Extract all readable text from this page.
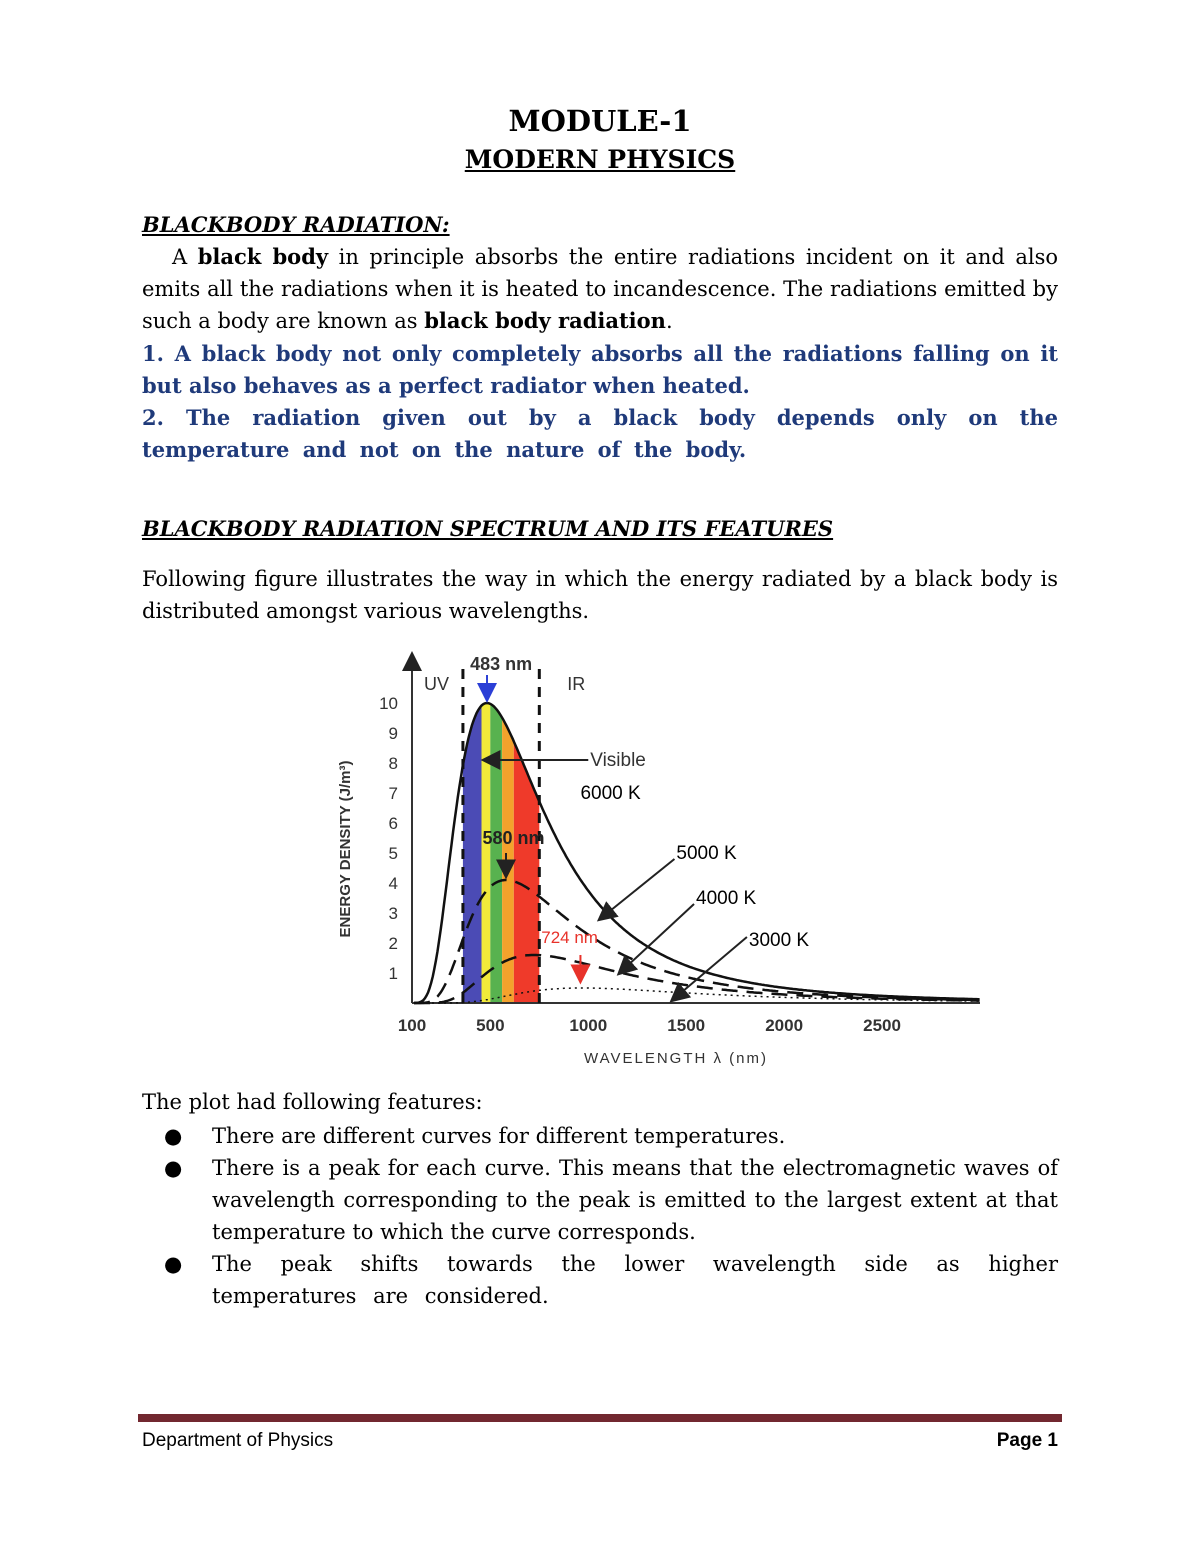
MODULE-1
MODERN PHYSICS
BLACKBODY RADIATION:
A black body in principle absorbs the entire radiations incident on it and also emits all the radiations when it is heated to incandescence. The radiations emitted by such a body are known as black body radiation.
1. A black body not only completely absorbs all the radiations falling on it but also behaves as a perfect radiator when heated.
2. The radiation given out by a black body depends only on the temperature and not on the nature of the body.
BLACKBODY RADIATION SPECTRUM AND ITS FEATURES
Following figure illustrates the way in which the energy radiated by a black body is distributed amongst various wavelengths.
1
2
3
4
5
6
7
8
9
10
100	500	1000	1500	2000	2500
WAVELENGTH λ (nm)
ENERGY DENSITY (J/m³)
UV	IR
483 nm
Visible
6000 K
5000 K
4000 K
3000 K
580 nm
724 nm
The plot had following features:
● There are different curves for different temperatures.
● There is a peak for each curve. This means that the electromagnetic waves of wavelength corresponding to the peak is emitted to the largest extent at that temperature to which the curve corresponds.
● The peak shifts towards the lower wavelength side as higher temperatures are considered.
Department of Physics	Page 1
